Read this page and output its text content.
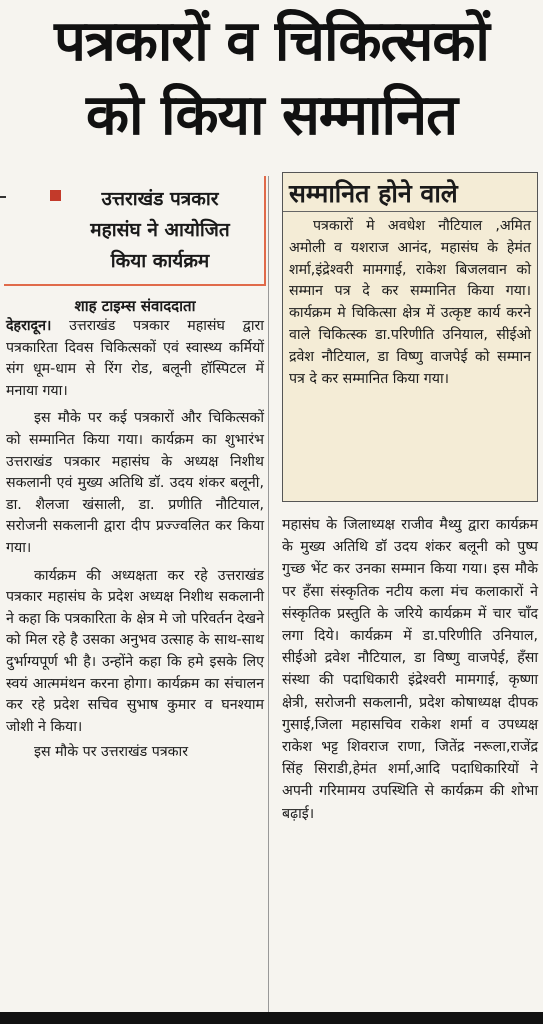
पत्रकारों व चिकित्सकों
को किया सम्मानित
उत्तराखंड पत्रकार
महासंघ ने आयोजित
किया कार्यक्रम
शाह टाइम्स संवाददाता

देहरादून। उत्तराखंड पत्रकार महासंघ द्वारा पत्रकारिता दिवस चिकित्सकों एवं स्वास्थ्य कर्मियों संग धूम-धाम से रिंग रोड, बलूनी हॉस्पिटल में मनाया गया।

इस मौके पर कई पत्रकारों और चिकित्सकों को सम्मानित किया गया। कार्यक्रम का शुभारंभ उत्तराखंड पत्रकार महासंघ के अध्यक्ष निशीथ सकलानी एवं मुख्य अतिथि डॉ. उदय शंकर बलूनी, डा. शैलजा खंसाली, डा. प्रणीति नौटियाल, सरोजनी सकलानी द्वारा दीप प्रज्ज्वलित कर किया गया।

कार्यक्रम की अध्यक्षता कर रहे उत्तराखंड पत्रकार महासंघ के प्रदेश अध्यक्ष निशीथ सकलानी ने कहा कि पत्रकारिता के क्षेत्र मे जो परिवर्तन देखने को मिल रहे है उसका अनुभव उत्साह के साथ-साथ दुर्भाग्यपूर्ण भी है। उन्होंने कहा कि हमे इसके लिए स्वयं आत्ममंथन करना होगा। कार्यक्रम का संचालन कर रहे प्रदेश सचिव सुभाष कुमार व घनश्याम जोशी ने किया।

इस मौके पर उत्तराखंड पत्रकार

सम्मानित होने वाले

पत्रकारों मे अवधेश नौटियाल ,अमित अमोली व यशराज आनंद, महासंघ के हेमंत शर्मा,इंद्रेश्वरी मामगाई, राकेश बिजलवान को सम्मान पत्र दे कर सम्मानित किया गया। कार्यक्रम मे चिकित्सा क्षेत्र में उत्कृष्ट कार्य करने वाले चिकित्स्क डा.परिणीति उनियाल, सीईओ द्रवेश नौटियाल, डा विष्णु वाजपेई को सम्मान पत्र दे कर सम्मानित किया गया।

महासंघ के जिलाध्यक्ष राजीव मैथ्यु द्वारा कार्यक्रम के मुख्य अतिथि डॉ उदय शंकर बलूनी को पुष्प गुच्छ भेंट कर उनका सम्मान किया गया। इस मौके पर हँसा संस्कृतिक नटीय कला मंच कलाकारों ने संस्कृतिक प्रस्तुति के जरिये कार्यक्रम में चार चाँद लगा दिये। कार्यक्रम में डा.परिणीति उनियाल, सीईओ द्रवेश नौटियाल, डा विष्णु वाजपेई, हँसा संस्था की पदाधिकारी इंद्रेश्वरी मामगाई, कृष्णा क्षेत्री, सरोजनी सकलानी, प्रदेश कोषाध्यक्ष दीपक गुसाई,जिला महासचिव राकेश शर्मा व उपध्यक्ष राकेश भट्ट शिवराज राणा, जितेंद्र नरूला,राजेंद्र सिंह सिराडी,हेमंत शर्मा,आदि पदाधिकारियों ने अपनी गरिमामय उपस्थिति से कार्यक्रम की शोभा बढ़ाई।
